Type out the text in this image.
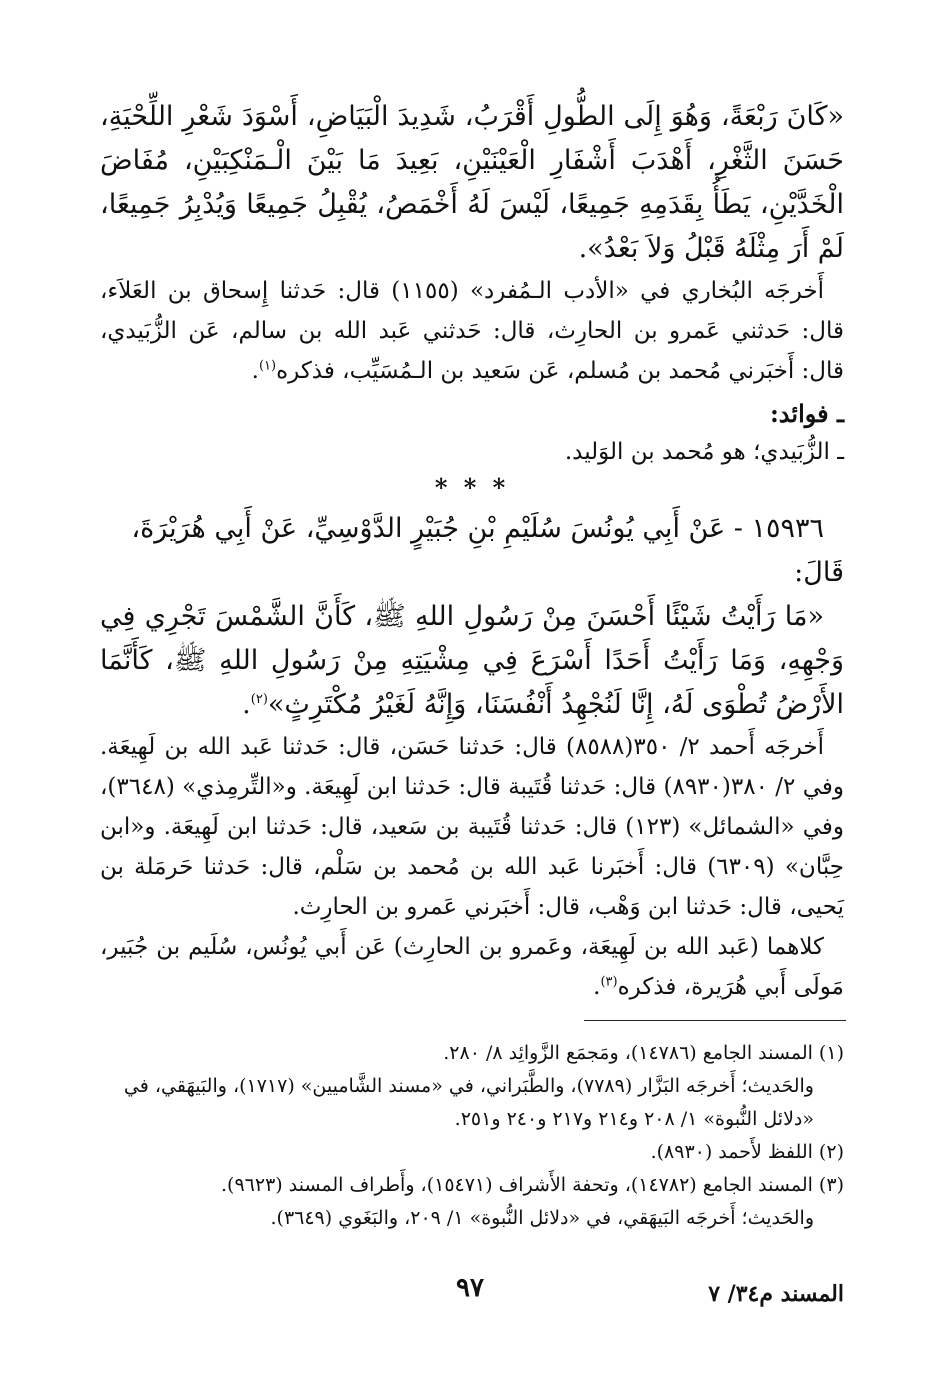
«كَانَ رَبْعَةً، وَهُوَ إِلَى الطُّولِ أَقْرَبُ، شَدِيدَ الْبَيَاضِ، أَسْوَدَ شَعْرِ اللِّحْيَةِ، حَسَنَ الثَّغْرِ، أَهْدَبَ أَشْفَارِ الْعَيْنَيْنِ، بَعِيدَ مَا بَيْنَ الْـمَنْكِبَيْنِ، مُفَاضَ الْخَدَّيْنِ، يَطَأُ بِقَدَمِهِ جَمِيعًا، لَيْسَ لَهُ أَخْمَصُ، يُقْبِلُ جَمِيعًا وَيُدْبِرُ جَمِيعًا، لَمْ أَرَ مِثْلَهُ قَبْلُ وَلاَ بَعْدُ».

أَخرجَه البُخاري في «الأدب الـمُفرد» (١١٥٥) قال: حَدثنا إِسحاق بن العَلاَء، قال: حَدثني عَمرو بن الحارِث، قال: حَدثني عَبد الله بن سالم، عَن الزُّبَيدي، قال: أَخبَرني مُحمد بن مُسلم، عَن سَعيد بن الـمُسَيِّب، فذكره$^{(١)}$.

ـ فوائد:

ـ الزُّبَيدي؛ هو مُحمد بن الوَليد.

* * *

١٥٩٣٦ - عَنْ أَبِي يُونُسَ سُلَيْمِ بْنِ جُبَيْرٍ الدَّوْسِيِّ، عَنْ أَبِي هُرَيْرَةَ، قَالَ:

«مَا رَأَيْتُ شَيْئًا أَحْسَنَ مِنْ رَسُولِ اللهِ ﷺ، كَأَنَّ الشَّمْسَ تَجْرِي فِي وَجْهِهِ، وَمَا رَأَيْتُ أَحَدًا أَسْرَعَ فِي مِشْيَتِهِ مِنْ رَسُولِ اللهِ ﷺ، كَأَنَّمَا الأَرْضُ تُطْوَى لَهُ، إِنَّا لَنُجْهِدُ أَنْفُسَنَا، وَإِنَّهُ لَغَيْرُ مُكْتَرِثٍ»$^{(٢)}$.

أَخرجَه أَحمد ٢/ ٣٥٠(٨٥٨٨) قال: حَدثنا حَسَن، قال: حَدثنا عَبد الله بن لَهِيعَة. وفي ٢/ ٣٨٠(٨٩٣٠) قال: حَدثنا قُتَيبة قال: حَدثنا ابن لَهِيعَة. و«التِّرمِذي» (٣٦٤٨)، وفي «الشمائل» (١٢٣) قال: حَدثنا قُتَيبة بن سَعيد، قال: حَدثنا ابن لَهِيعَة. و«ابن حِبَّان» (٦٣٠٩) قال: أَخبَرنا عَبد الله بن مُحمد بن سَلْم، قال: حَدثنا حَرمَلة بن يَحيى، قال: حَدثنا ابن وَهْب، قال: أَخبَرني عَمرو بن الحارِث.

كلاهما (عَبد الله بن لَهِيعَة، وعَمرو بن الحارِث) عَن أَبي يُونُس، سُلَيم بن جُبَير، مَولَى أَبي هُرَيرة، فذكره$^{(٣)}$.

(١) المسند الجامع (١٤٧٨٦)، ومَجمَع الزَّوائِد ٨/ ٢٨٠.

والحَديث؛ أَخرجَه البَزَّار (٧٧٨٩)، والطَّبَراني، في «مسند الشَّاميين» (١٧١٧)، والبَيهَقي، في «دلائل النُّبوة» ١/ ٢٠٨ و٢١٤ و٢١٧ و٢٤٠ و٢٥١.

(٢) اللفظ لأَحمد (٨٩٣٠).

(٣) المسند الجامع (١٤٧٨٢)، وتحفة الأَشراف (١٥٤٧١)، وأَطراف المسند (٩٦٢٣).

والحَديث؛ أَخرجَه البَيهَقي، في «دلائل النُّبوة» ١/ ٢٠٩، والبَغَوي (٣٦٤٩).

٩٧	المسند م٣٤/ ٧
